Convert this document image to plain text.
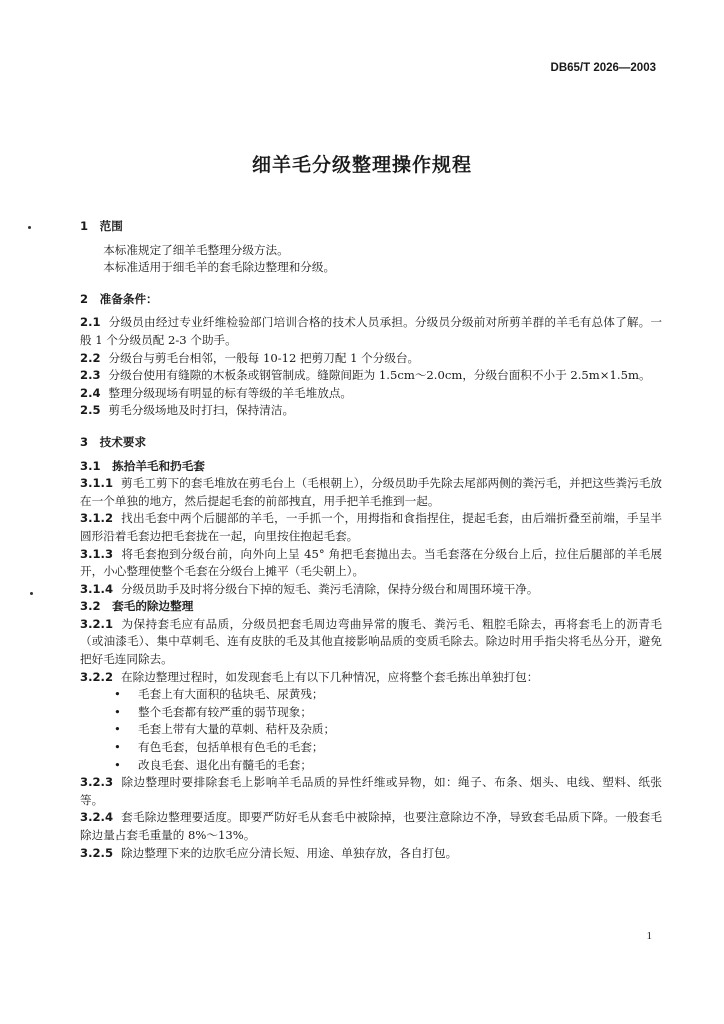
DB65/T 2026—2003
细羊毛分级整理操作规程
1　范围
本标准规定了细羊毛整理分级方法。
本标准适用于细毛羊的套毛除边整理和分级。
2　准备条件：
2.1 分级员由经过专业纤维检验部门培训合格的技术人员承担。分级员分级前对所剪羊群的羊毛有总体了解。一般 1 个分级员配 2-3 个助手。
2.2 分级台与剪毛台相邻，一般每 10-12 把剪刀配 1 个分级台。
2.3 分级台使用有缝隙的木板条或钢管制成。缝隙间距为 1.5cm～2.0cm，分级台面积不小于 2.5m×1.5m。
2.4 整理分级现场有明显的标有等级的羊毛堆放点。
2.5 剪毛分级场地及时打扫，保持清洁。
3　技术要求
3.1　拣拾羊毛和扔毛套
3.1.1 剪毛工剪下的套毛堆放在剪毛台上（毛根朝上），分级员助手先除去尾部两侧的粪污毛，并把这些粪污毛放在一个单独的地方，然后提起毛套的前部拽直，用手把羊毛推到一起。
3.1.2 找出毛套中两个后腿部的羊毛，一手抓一个，用拇指和食指捏住，提起毛套，由后端折叠至前端，手呈半圆形沿着毛套边把毛套拢在一起，向里按住抱起毛套。
3.1.3 将毛套抱到分级台前，向外向上呈 45° 角把毛套抛出去。当毛套落在分级台上后，拉住后腿部的羊毛展开，小心整理使整个毛套在分级台上摊平（毛尖朝上）。
3.1.4 分级员助手及时将分级台下掉的短毛、粪污毛清除，保持分级台和周围环境干净。
3.2　套毛的除边整理
3.2.1 为保持套毛应有品质，分级员把套毛周边弯曲异常的腹毛、粪污毛、粗腔毛除去，再将套毛上的沥青毛（或油漆毛）、集中草刺毛、连有皮肤的毛及其他直接影响品质的变质毛除去。除边时用手指尖将毛丛分开，避免把好毛连同除去。
3.2.2 在除边整理过程时，如发现套毛上有以下几种情况，应将整个套毛拣出单独打包：
• 毛套上有大面积的毡块毛、尿黄残；
• 整个毛套都有较严重的弱节现象；
• 毛套上带有大量的草刺、秸杆及杂质；
• 有色毛套，包括单根有色毛的毛套；
• 改良毛套、退化出有髓毛的毛套；
3.2.3 除边整理时要排除套毛上影响羊毛品质的异性纤维或异物，如：绳子、布条、烟头、电线、塑料、纸张等。
3.2.4 套毛除边整理要适度。即要严防好毛从套毛中被除掉，也要注意除边不净，导致套毛品质下降。一般套毛除边量占套毛重量的 8%～13%。
3.2.5 除边整理下来的边肷毛应分清长短、用途、单独存放，各自打包。
1
